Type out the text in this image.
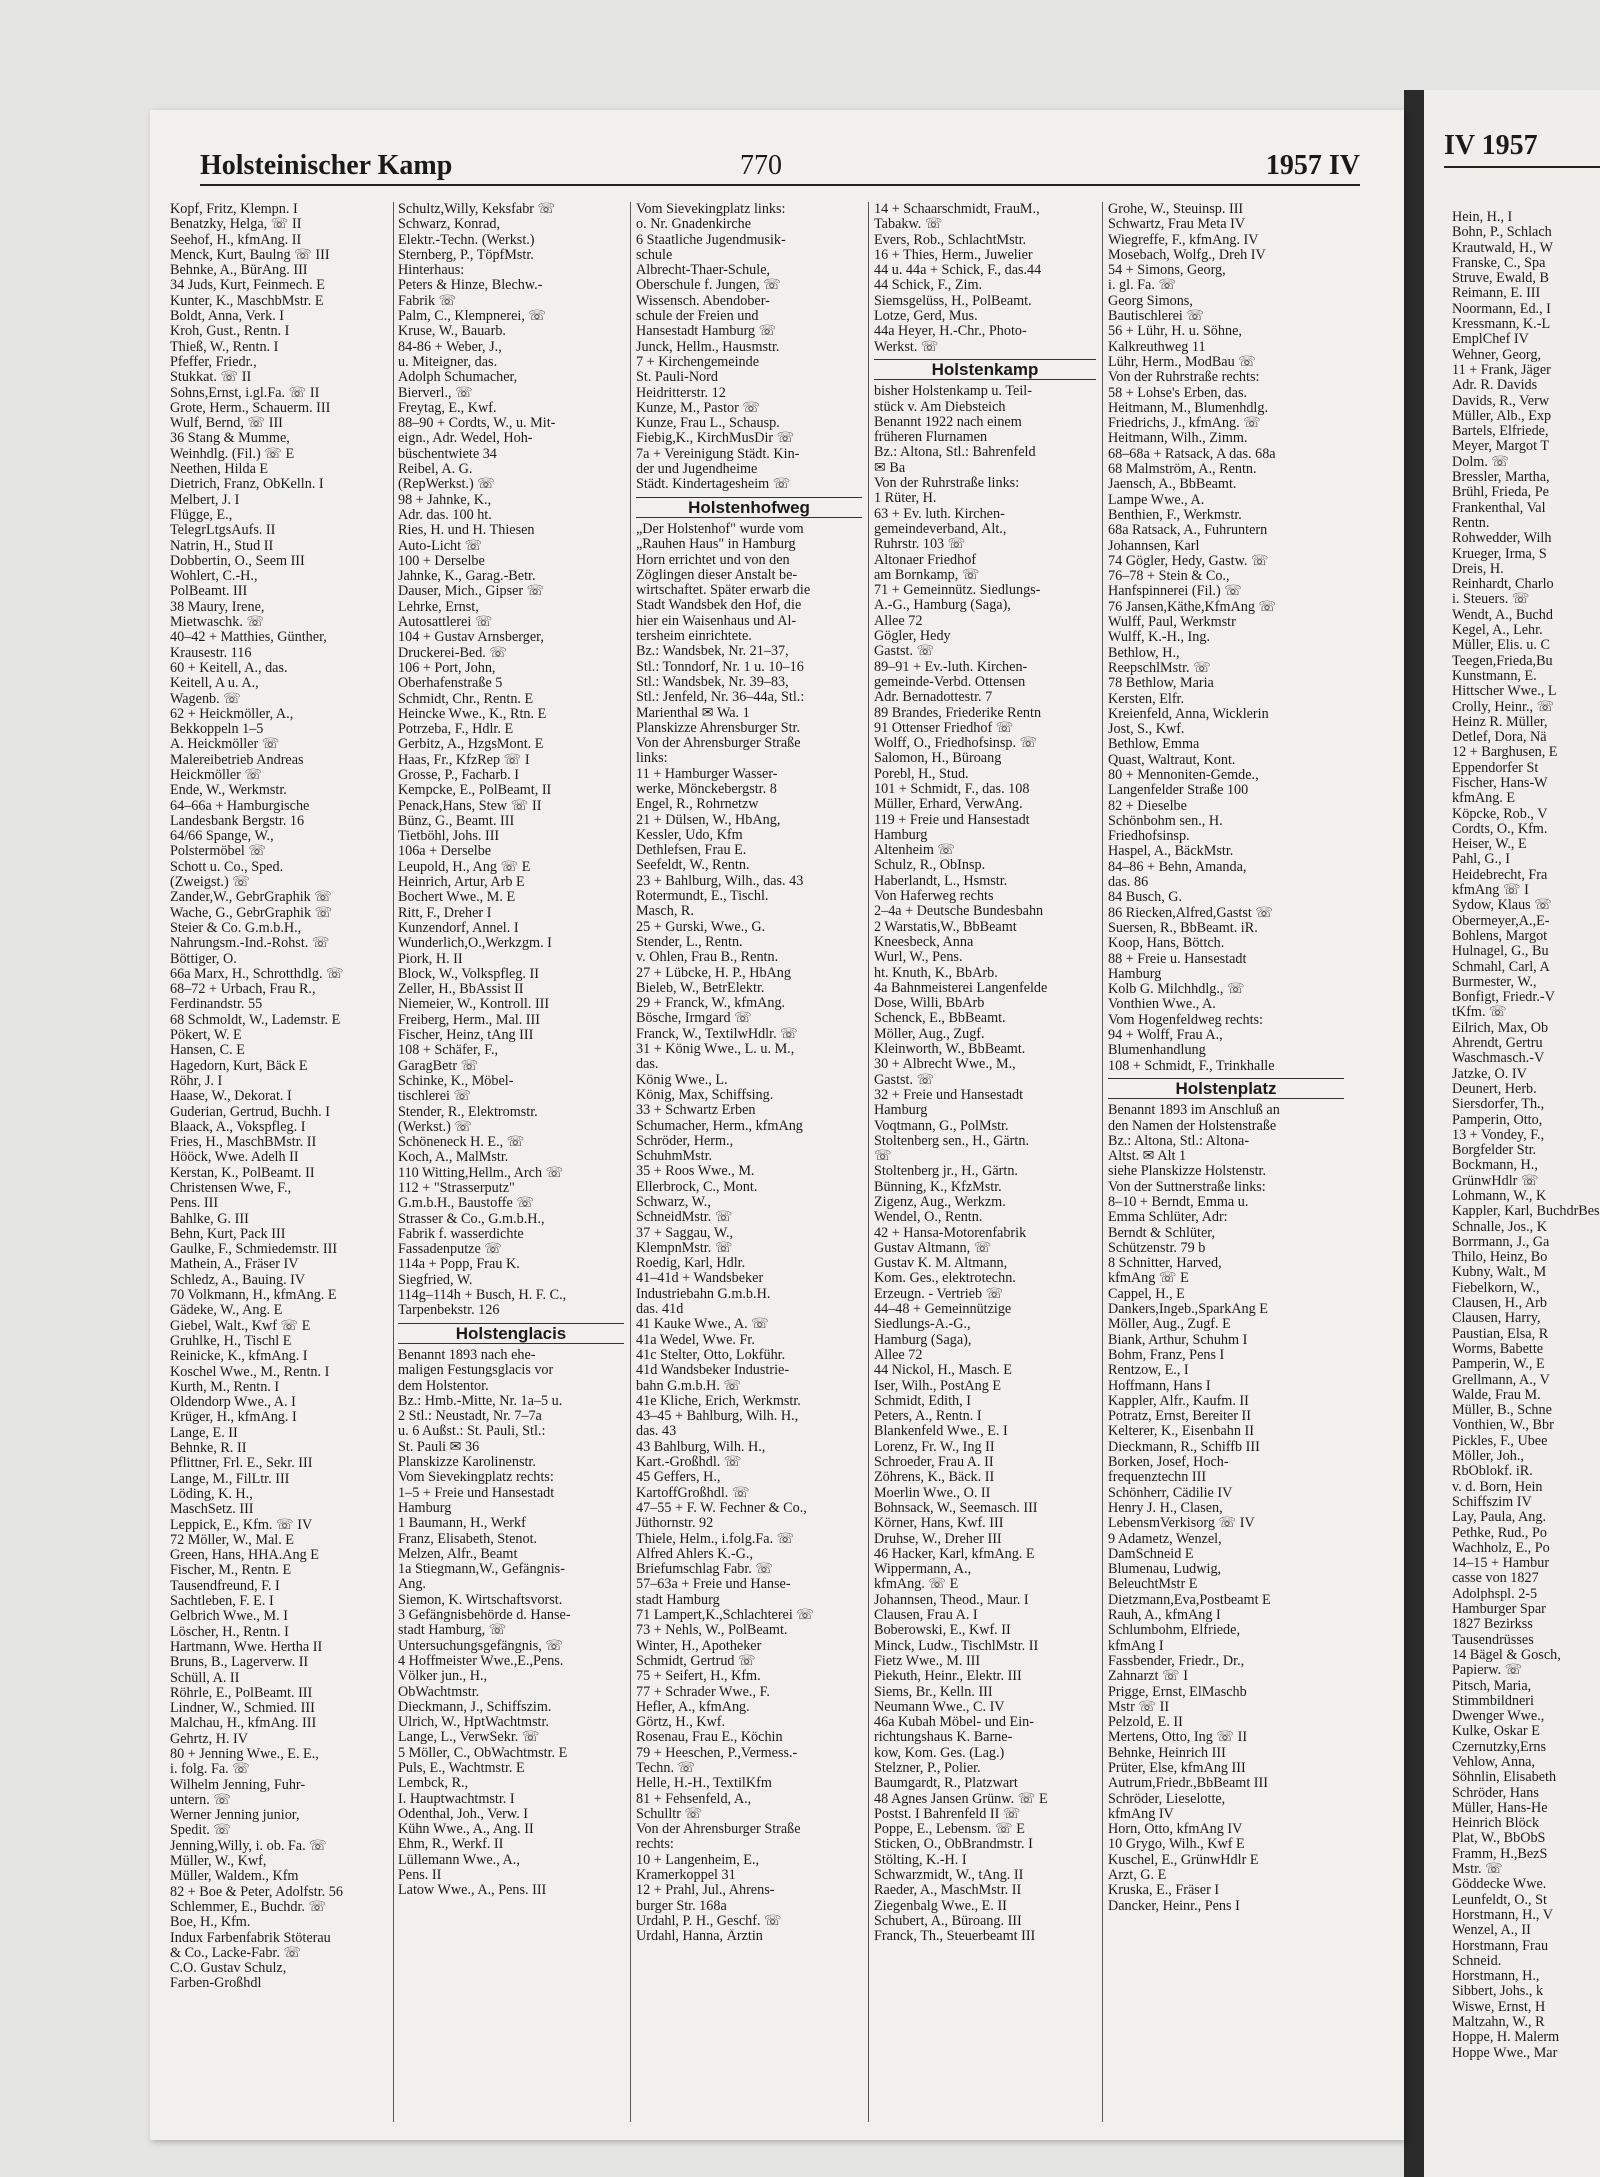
Holsteinischer Kamp	770	1957 IV
Kopf, Fritz, Klempn. I
Benatzky, Helga, ☏ II
Seehof, H., kfmAng. II
Menck, Kurt, Baulng ☏ III
Behnke, A., BürAng. III
34 Juds, Kurt, Feinmech. E
Kunter, K., MaschbMstr. E
Boldt, Anna, Verk. I
Kroh, Gust., Rentn. I
Thieß, W., Rentn. I
Pfeffer, Friedr.,
Stukkat. ☏ II
Sohns,Ernst, i.gl.Fa. ☏ II
Grote, Herm., Schauerm. III
Wulf, Bernd, ☏ III
36 Stang & Mumme,
Weinhdlg. (Fil.) ☏ E
Neethen, Hilda E
Dietrich, Franz, ObKelln. I
Melbert, J. I
Flügge, E.,
TelegrLtgsAufs. II
Natrin, H., Stud II
Dobbertin, O., Seem III
Wohlert, C.-H.,
PolBeamt. III
38 Maury, Irene,
Mietwaschk. ☏
40–42 + Matthies, Günther,
Krausestr. 116
60 + Keitell, A., das.
Keitell, A u. A.,
Wagenb. ☏
62 + Heickmöller, A.,
Bekkoppeln 1–5
A. Heickmöller ☏
Malereibetrieb Andreas
Heickmöller ☏
Ende, W., Werkmstr.
64–66a + Hamburgische
Landesbank Bergstr. 16
64/66 Spange, W.,
Polstermöbel ☏
Schott u. Co., Sped.
(Zweigst.) ☏
Zander,W., GebrGraphik ☏
Wache, G., GebrGraphik ☏
Steier & Co. G.m.b.H.,
Nahrungsm.-Ind.-Rohst. ☏
Böttiger, O.
66a Marx, H., Schrotthdlg. ☏
68–72 + Urbach, Frau R.,
Ferdinandstr. 55
68 Schmoldt, W., Lademstr. E
Pökert, W. E
Hansen, C. E
Hagedorn, Kurt, Bäck E
Röhr, J. I
Haase, W., Dekorat. I
Guderian, Gertrud, Buchh. I
Blaack, A., Vokspfleg. I
Fries, H., MaschBMstr. II
Hööck, Wwe. Adelh II
Kerstan, K., PolBeamt. II
Christensen Wwe, F.,
Pens. III
Bahlke, G. III
Behn, Kurt, Pack III
Gaulke, F., Schmiedemstr. III
Mathein, A., Fräser IV
Schledz, A., Bauing. IV
70 Volkmann, H., kfmAng. E
Gädeke, W., Ang. E
Giebel, Walt., Kwf ☏ E
Gruhlke, H., Tischl E
Reinicke, K., kfmAng. I
Koschel Wwe., M., Rentn. I
Kurth, M., Rentn. I
Oldendorp Wwe., A. I
Krüger, H., kfmAng. I
Lange, E. II
Behnke, R. II
Pflittner, Frl. E., Sekr. III
Lange, M., FilLtr. III
Löding, K. H.,
MaschSetz. III
Leppick, E., Kfm. ☏ IV
72 Möller, W., Mal. E
Green, Hans, HHA.Ang E
Fischer, M., Rentn. E
Tausendfreund, F. I
Sachtleben, F. E. I
Gelbrich Wwe., M. I
Löscher, H., Rentn. I
Hartmann, Wwe. Hertha II
Bruns, B., Lagerverw. II
Schüll, A. II
Röhrle, E., PolBeamt. III
Lindner, W., Schmied. III
Malchau, H., kfmAng. III
Gehrtz, H. IV
80 + Jenning Wwe., E. E.,
i. folg. Fa. ☏
Wilhelm Jenning, Fuhr-
untern. ☏
Werner Jenning junior,
Spedit. ☏
Jenning,Willy, i. ob. Fa. ☏
Müller, W., Kwf,
Müller, Waldem., Kfm
82 + Boe & Peter, Adolfstr. 56
Schlemmer, E., Buchdr. ☏
Boe, H., Kfm.
Indux Farbenfabrik Stöterau
& Co., Lacke-Fabr. ☏
C.O. Gustav Schulz,
Farben-Großhdl
Schultz,Willy, Keksfabr ☏
Schwarz, Konrad,
Elektr.-Techn. (Werkst.)
Sternberg, P., TöpfMstr.
Hinterhaus:
Peters & Hinze, Blechw.-
Fabrik ☏
Palm, C., Klempnerei, ☏
Kruse, W., Bauarb.
84-86 + Weber, J.,
u. Miteigner, das.
Adolph Schumacher,
Bierverl., ☏
Freytag, E., Kwf.
88–90 + Cordts, W., u. Mit-
eign., Adr. Wedel, Hoh-
büschentwiete 34
Reibel, A. G.
(RepWerkst.) ☏
98 + Jahnke, K.,
Adr. das. 100 ht.
Ries, H. und H. Thiesen
Auto-Licht ☏
100 + Derselbe
Jahnke, K., Garag.-Betr.
Dauser, Mich., Gipser ☏
Lehrke, Ernst,
Autosattlerei ☏
104 + Gustav Arnsberger,
Druckerei-Bed. ☏
106 + Port, John,
Oberhafenstraße 5
Schmidt, Chr., Rentn. E
Heincke Wwe., K., Rtn. E
Potrzeba, F., Hdlr. E
Gerbitz, A., HzgsMont. E
Haas, Fr., KfzRep ☏ I
Grosse, P., Facharb. I
Kempcke, E., PolBeamt, II
Penack,Hans, Stew ☏ II
Bünz, G., Beamt. III
Tietböhl, Johs. III
106a + Derselbe
Leupold, H., Ang ☏ E
Heinrich, Artur, Arb E
Bochert Wwe., M. E
Ritt, F., Dreher I
Kunzendorf, Annel. I
Wunderlich,O.,Werkzgm. I
Piork, H. II
Block, W., Volkspfleg. II
Zeller, H., BbAssist II
Niemeier, W., Kontroll. III
Freiberg, Herm., Mal. III
Fischer, Heinz, tAng III
108 + Schäfer, F.,
GaragBetr ☏
Schinke, K., Möbel-
tischlerei ☏
Stender, R., Elektromstr.
(Werkst.) ☏
Schöneneck H. E., ☏
Koch, A., MalMstr.
110 Witting,Hellm., Arch ☏
112 + "Strasserputz"
G.m.b.H., Baustoffe ☏
Strasser & Co., G.m.b.H.,
Fabrik f. wasserdichte
Fassadenputze ☏
114a + Popp, Frau K.
Siegfried, W.
114g–114h + Busch, H. F. C.,
Tarpenbekstr. 126
Holstenglacis
Benannt 1893 nach ehe-
maligen Festungsglacis vor
dem Holstentor.
Bz.: Hmb.-Mitte, Nr. 1a–5 u.
2 Stl.: Neustadt, Nr. 7–7a
u. 6 Außst.: St. Pauli, Stl.:
St. Pauli ✉ 36
Planskizze Karolinenstr.
Vom Sievekingplatz rechts:
1–5 + Freie und Hansestadt
Hamburg
1 Baumann, H., Werkf
Franz, Elisabeth, Stenot.
Melzen, Alfr., Beamt
1a Stiegmann,W., Gefängnis-
Ang.
Siemon, K. Wirtschaftsvorst.
3 Gefängnisbehörde d. Hanse-
stadt Hamburg, ☏
Untersuchungsgefängnis, ☏
4 Hoffmeister Wwe.,E.,Pens.
Völker jun., H.,
ObWachtmstr.
Dieckmann, J., Schiffszim.
Ulrich, W., HptWachtmstr.
Lange, L., VerwSekr. ☏
5 Möller, C., ObWachtmstr. E
Puls, E., Wachtmstr. E
Lembck, R.,
I. Hauptwachtmstr. I
Odenthal, Joh., Verw. I
Kühn Wwe., A., Ang. II
Ehm, R., Werkf. II
Lüllemann Wwe., A.,
Pens. II
Latow Wwe., A., Pens. III
Vom Sievekingplatz links:
o. Nr. Gnadenkirche
6 Staatliche Jugendmusik-
schule
Albrecht-Thaer-Schule,
Oberschule f. Jungen, ☏
Wissensch. Abendober-
schule der Freien und
Hansestadt Hamburg ☏
Junck, Hellm., Hausmstr.
7 + Kirchengemeinde
St. Pauli-Nord
Heidritterstr. 12
Kunze, M., Pastor ☏
Kunze, Frau L., Schausp.
Fiebig,K., KirchMusDir ☏
7a + Vereinigung Städt. Kin-
der und Jugendheime
Städt. Kindertagesheim ☏
Holstenhofweg
„Der Holstenhof" wurde vom
„Rauhen Haus" in Hamburg
Horn errichtet und von den
Zöglingen dieser Anstalt be-
wirtschaftet. Später erwarb die
Stadt Wandsbek den Hof, die
hier ein Waisenhaus und Al-
tersheim einrichtete.
Bz.: Wandsbek, Nr. 21–37,
Stl.: Tonndorf, Nr. 1 u. 10–16
Stl.: Wandsbek, Nr. 39–83,
Stl.: Jenfeld, Nr. 36–44a, Stl.:
Marienthal ✉ Wa. 1
Planskizze Ahrensburger Str.
Von der Ahrensburger Straße
links:
11 + Hamburger Wasser-
werke, Mönckebergstr. 8
Engel, R., Rohrnetzw
21 + Dülsen, W., HbAng,
Kessler, Udo, Kfm
Dethlefsen, Frau E.
Seefeldt, W., Rentn.
23 + Bahlburg, Wilh., das. 43
Rotermundt, E., Tischl.
Masch, R.
25 + Gurski, Wwe., G.
Stender, L., Rentn.
v. Ohlen, Frau B., Rentn.
27 + Lübcke, H. P., HbAng
Bieleb, W., BetrElektr.
29 + Franck, W., kfmAng.
Bösche, Irmgard ☏
Franck, W., TextilwHdlr. ☏
31 + König Wwe., L. u. M.,
das.
König Wwe., L.
König, Max, Schiffsing.
33 + Schwartz Erben
Schumacher, Herm., kfmAng
Schröder, Herm.,
SchuhmMstr.
35 + Roos Wwe., M.
Ellerbrock, C., Mont.
Schwarz, W.,
SchneidMstr. ☏
37 + Saggau, W.,
KlempnMstr. ☏
Roedig, Karl, Hdlr.
41–41d + Wandsbeker
Industriebahn G.m.b.H.
das. 41d
41 Kauke Wwe., A. ☏
41a Wedel, Wwe. Fr.
41c Stelter, Otto, Lokführ.
41d Wandsbeker Industrie-
bahn G.m.b.H. ☏
41e Kliche, Erich, Werkmstr.
43–45 + Bahlburg, Wilh. H.,
das. 43
43 Bahlburg, Wilh. H.,
Kart.-Großhdl. ☏
45 Geffers, H.,
KartoffGroßhdl. ☏
47–55 + F. W. Fechner & Co.,
Jüthornstr. 92
Thiele, Helm., i.folg.Fa. ☏
Alfred Ahlers K.-G.,
Briefumschlag Fabr. ☏
57–63a + Freie und Hanse-
stadt Hamburg
71 Lampert,K.,Schlachterei ☏
73 + Nehls, W., PolBeamt.
Winter, H., Apotheker
Schmidt, Gertrud ☏
75 + Seifert, H., Kfm.
77 + Schrader Wwe., F.
Hefler, A., kfmAng.
Görtz, H., Kwf.
Rosenau, Frau E., Köchin
79 + Heeschen, P.,Vermess.-
Techn. ☏
Helle, H.-H., TextilKfm
81 + Fehsenfeld, A.,
Schulltr ☏
Von der Ahrensburger Straße
rechts:
10 + Langenheim, E.,
Kramerkoppel 31
12 + Prahl, Jul., Ahrens-
burger Str. 168a
Urdahl, P. H., Geschf. ☏
Urdahl, Hanna, Ärztin
14 + Schaarschmidt, FrauM.,
Tabakw. ☏
Evers, Rob., SchlachtMstr.
16 + Thies, Herm., Juwelier
44 u. 44a + Schick, F., das.44
44 Schick, F., Zim.
Siemsgelüss, H., PolBeamt.
Lotze, Gerd, Mus.
44a Heyer, H.-Chr., Photo-
Werkst. ☏
Holstenkamp
bisher Holstenkamp u. Teil-
stück v. Am Diebsteich
Benannt 1922 nach einem
früheren Flurnamen
Bz.: Altona, Stl.: Bahrenfeld
✉ Ba
Von der Ruhrstraße links:
1 Rüter, H.
63 + Ev. luth. Kirchen-
gemeindeverband, Alt.,
Ruhrstr. 103 ☏
Altonaer Friedhof
am Bornkamp, ☏
71 + Gemeinnütz. Siedlungs-
A.-G., Hamburg (Saga),
Allee 72
Gögler, Hedy
Gastst. ☏
89–91 + Ev.-luth. Kirchen-
gemeinde-Verbd. Ottensen
Adr. Bernadottestr. 7
89 Brandes, Friederike Rentn
91 Ottenser Friedhof ☏
Wolff, O., Friedhofsinsp. ☏
Salomon, H., Büroang
Porebl, H., Stud.
101 + Schmidt, F., das. 108
Müller, Erhard, VerwAng.
119 + Freie und Hansestadt
Hamburg
Altenheim ☏
Schulz, R., ObInsp.
Haberlandt, L., Hsmstr.
Von Haferweg rechts
2–4a + Deutsche Bundesbahn
2 Warstatis,W., BbBeamt
Kneesbeck, Anna
Wurl, W., Pens.
ht. Knuth, K., BbArb.
4a Bahnmeisterei Langenfelde
Dose, Willi, BbArb
Schenck, E., BbBeamt.
Möller, Aug., Zugf.
Kleinworth, W., BbBeamt.
30 + Albrecht Wwe., M.,
Gastst. ☏
32 + Freie und Hansestadt
Hamburg
Voqtmann, G., PolMstr.
Stoltenberg sen., H., Gärtn.
☏
Stoltenberg jr., H., Gärtn.
Bünning, K., KfzMstr.
Zigenz, Aug., Werkzm.
Wendel, O., Rentn.
42 + Hansa-Motorenfabrik
Gustav Altmann, ☏
Gustav K. M. Altmann,
Kom. Ges., elektrotechn.
Erzeugn. - Vertrieb ☏
44–48 + Gemeinnützige
Siedlungs-A.-G.,
Hamburg (Saga),
Allee 72
44 Nickol, H., Masch. E
Iser, Wilh., PostAng E
Schmidt, Edith, I
Peters, A., Rentn. I
Blankenfeld Wwe., E. I
Lorenz, Fr. W., Ing II
Schroeder, Frau A. II
Zöhrens, K., Bäck. II
Moerlin Wwe., O. II
Bohnsack, W., Seemasch. III
Körner, Hans, Kwf. III
Druhse, W., Dreher III
46 Hacker, Karl, kfmAng. E
Wippermann, A.,
kfmAng. ☏ E
Johannsen, Theod., Maur. I
Clausen, Frau A. I
Boberowski, E., Kwf. II
Minck, Ludw., TischlMstr. II
Fietz Wwe., M. III
Piekuth, Heinr., Elektr. III
Siems, Br., Kelln. III
Neumann Wwe., C. IV
46a Kubah Möbel- und Ein-
richtungshaus K. Barne-
kow, Kom. Ges. (Lag.)
Stelzner, P., Polier.
Baumgardt, R., Platzwart
48 Agnes Jansen Grünw. ☏ E
Postst. I Bahrenfeld II ☏
Poppe, E., Lebensm. ☏ E
Sticken, O., ObBrandmstr. I
Stölting, K.-H. I
Schwarzmidt, W., tAng. II
Raeder, A., MaschMstr. II
Ziegenbalg Wwe., E. II
Schubert, A., Büroang. III
Franck, Th., Steuerbeamt III
Grohe, W., Steuinsp. III
Schwartz, Frau Meta IV
Wiegreffe, F., kfmAng. IV
Mosebach, Wolfg., Dreh IV
54 + Simons, Georg,
i. gl. Fa. ☏
Georg Simons,
Bautischlerei ☏
56 + Lühr, H. u. Söhne,
Kalkreuthweg 11
Lühr, Herm., ModBau ☏
Von der Ruhrstraße rechts:
58 + Lohse's Erben, das.
Heitmann, M., Blumenhdlg.
Friedrichs, J., kfmAng. ☏
Heitmann, Wilh., Zimm.
68–68a + Ratsack, A das. 68a
68 Malmström, A., Rentn.
Jaensch, A., BbBeamt.
Lampe Wwe., A.
Benthien, F., Werkmstr.
68a Ratsack, A., Fuhruntern
Johannsen, Karl
74 Gögler, Hedy, Gastw. ☏
76–78 + Stein & Co.,
Hanfspinnerei (Fil.) ☏
76 Jansen,Käthe,KfmAng ☏
Wulff, Paul, Werkmstr
Wulff, K.-H., Ing.
Bethlow, H.,
ReepschlMstr. ☏
78 Bethlow, Maria
Kersten, Elfr.
Kreienfeld, Anna, Wicklerin
Jost, S., Kwf.
Bethlow, Emma
Quast, Waltraut, Kont.
80 + Mennoniten-Gemde.,
Langenfelder Straße 100
82 + Dieselbe
Schönbohm sen., H.
Friedhofsinsp.
Haspel, A., BäckMstr.
84–86 + Behn, Amanda,
das. 86
84 Busch, G.
86 Riecken,Alfred,Gastst ☏
Suersen, R., BbBeamt. iR.
Koop, Hans, Böttch.
88 + Freie u. Hansestadt
Hamburg
Kolb G. Milchhdlg., ☏
Vonthien Wwe., A.
Vom Hogenfeldweg rechts:
94 + Wolff, Frau A.,
Blumenhandlung
108 + Schmidt, F., Trinkhalle
Holstenplatz
Benannt 1893 im Anschluß an
den Namen der Holstenstraße
Bz.: Altona, Stl.: Altona-
Altst. ✉ Alt 1
siehe Planskizze Holstenstr.
Von der Suttnerstraße links:
8–10 + Berndt, Emma u.
Emma Schlüter, Adr:
Berndt & Schlüter,
Schützenstr. 79 b
8 Schnitter, Harved,
kfmAng ☏ E
Cappel, H., E
Dankers,Ingeb.,SparkAng E
Möller, Aug., Zugf. E
Biank, Arthur, Schuhm I
Bohm, Franz, Pens I
Rentzow, E., I
Hoffmann, Hans I
Kappler, Alfr., Kaufm. II
Potratz, Ernst, Bereiter II
Kelterer, K., Eisenbahn II
Dieckmann, R., Schiffb III
Borken, Josef, Hoch-
frequenztechn III
Schönherr, Cädilie IV
Henry J. H., Clasen,
LebensmVerkisorg ☏ IV
9 Adametz, Wenzel,
DamSchneid E
Blumenau, Ludwig,
BeleuchtMstr E
Dietzmann,Eva,Postbeamt E
Rauh, A., kfmAng I
Schlumbohm, Elfriede,
kfmAng I
Fassbender, Friedr., Dr.,
Zahnarzt ☏ I
Prigge, Ernst, ElMaschb
Mstr ☏ II
Pelzold, E. II
Mertens, Otto, Ing ☏ II
Behnke, Heinrich III
Prüter, Else, kfmAng III
Autrum,Friedr.,BbBeamt III
Schröder, Lieselotte,
kfmAng IV
Horn, Otto, kfmAng IV
10 Grygo, Wilh., Kwf E
Kuschel, E., GrünwHdlr E
Arzt, G. E
Kruska, E., Fräser I
Dancker, Heinr., Pens I
IV 1957
Hein, H., I
Bohn, P., Schlach
Krautwald, H., W
Franske, C., Spa
Struve, Ewald, B
Reimann, E. III
Noormann, Ed., I
Kressmann, K.-L
EmplChef IV
Wehner, Georg,
11 + Frank, Jäger
Adr. R. Davids
Davids, R., Verw
Müller, Alb., Exp
Bartels, Elfriede,
Meyer, Margot T
Dolm. ☏
Bressler, Martha,
Brühl, Frieda, Pe
Frankenthal, Val
Rentn.
Rohwedder, Wilh
Krueger, Irma, S
Dreis, H.
Reinhardt, Charlo
i. Steuers. ☏
Wendt, A., Buchd
Kegel, A., Lehr.
Müller, Elis. u. C
Teegen,Frieda,Bu
Kunstmann, E.
Hittscher Wwe., L
Crolly, Heinr., ☏
Heinz R. Müller,
Detlef, Dora, Nä
12 + Barghusen, E
Eppendorfer St
Fischer, Hans-W
kfmAng. E
Köpcke, Rob., V
Cordts, O., Kfm.
Heiser, W., E
Pahl, G., I
Heidebrecht, Fra
kfmAng ☏ I
Sydow, Klaus ☏
Obermeyer,A.,E-
Bohlens, Margot
Hulnagel, G., Bu
Schmahl, Carl, A
Burmester, W.,
Bonfigt, Friedr.-V
tKfm. ☏
Eilrich, Max, Ob
Ahrendt, Gertru
Waschmasch.-V
Jatzke, O. IV
Deunert, Herb.
Siersdorfer, Th.,
Pamperin, Otto,
13 + Vondey, F.,
Borgfelder Str.
Bockmann, H.,
GrünwHdlr ☏
Lohmann, W., K
Kappler, Karl, BuchdrBes
Schnalle, Jos., K
Borrmann, J., Ga
Thilo, Heinz, Bo
Kubny, Walt., M
Fiebelkorn, W.,
Clausen, H., Arb
Clausen, Harry,
Paustian, Elsa, R
Worms, Babette
Pamperin, W., E
Grellmann, A., V
Walde, Frau M.
Müller, B., Schne
Vonthien, W., Bbr
Pickles, F., Ubee
Möller, Joh.,
RbOblokf. iR.
v. d. Born, Hein
Schiffszim IV
Lay, Paula, Ang.
Pethke, Rud., Po
Wachholz, E., Po
14–15 + Hambur
casse von 1827
Adolphspl. 2-5
Hamburger Spar
1827 Bezirkss
Tausendrüsses
14 Bägel & Gosch,
Papierw. ☏
Pitsch, Maria,
Stimmbildneri
Dwenger Wwe.,
Kulke, Oskar E
Czernutzky,Erns
Vehlow, Anna,
Söhnlin, Elisabeth
Schröder, Hans
Müller, Hans-He
Heinrich Blöck
Plat, W., BbObS
Framm, H.,BezS
Mstr. ☏
Göddecke Wwe.
Leunfeldt, O., St
Horstmann, H., V
Wenzel, A., II
Horstmann, Frau
Schneid.
Horstmann, H.,
Sibbert, Johs., k
Wiswe, Ernst, H
Maltzahn, W., R
Hoppe, H. Malerm
Hoppe Wwe., Mar
